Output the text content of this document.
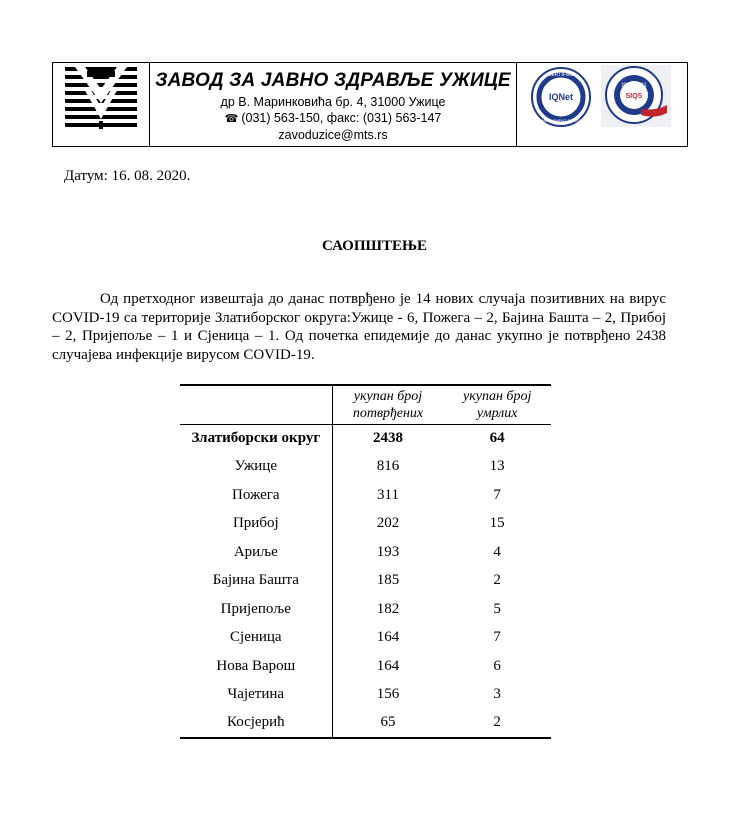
ЗАВОД ЗА ЈАВНО ЗДРАВЉЕ УЖИЦЕ
др В. Маринковића бр. 4, 31000 Ужице
☎ (031) 563-150, факс: (031) 563-147
zavoduzice@mts.rs
IQNet
CERTIFIED
MANAGEMENT SYSTEM
ISO 9001
SIQS
Датум: 16. 08. 2020.
САОПШТЕЊЕ

Од претходног извештаја до данас потврђено је 14 нових случаја позитивних на вирус COVID-19 са територије Златиборског округа:Ужице - 6, Пожега – 2, Бајина Башта – 2, Прибој – 2, Пријепоље – 1 и Сјеница – 1. Од почетка епидемије до данас укупно је потврђено 2438 случајева инфекције вирусом COVID-19.

	укупан број потврђених	укупан број умрлих
Златиборски округ	2438	64
Ужице	816	13
Пожега	311	7
Прибој	202	15
Ариље	193	4
Бајина Башта	185	2
Пријепоље	182	5
Сјеница	164	7
Нова Варош	164	6
Чајетина	156	3
Косјерић	65	2
